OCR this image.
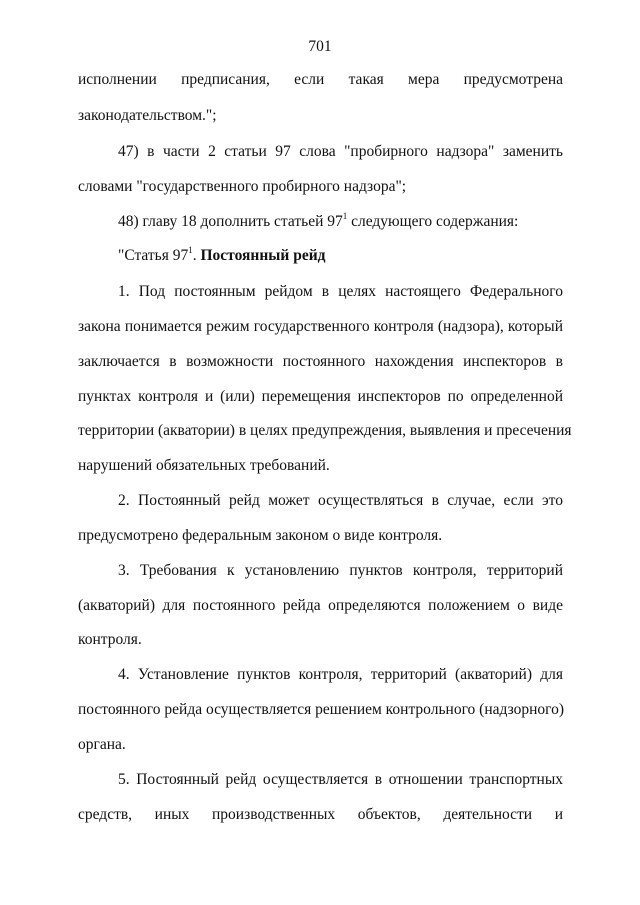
701
исполнении предписания, если такая мера предусмотрена
законодательством.";
47) в части 2 статьи 97 слова "пробирного надзора" заменить
словами "государственного пробирного надзора";
48) главу 18 дополнить статьей $97^1$ следующего содержания:
"Статья $97^1$. Постоянный рейд
1. Под постоянным рейдом в целях настоящего Федерального
закона понимается режим государственного контроля (надзора), который
заключается в возможности постоянного нахождения инспекторов в
пунктах контроля и (или) перемещения инспекторов по определенной
территории (акватории) в целях предупреждения, выявления и пресечения
нарушений обязательных требований.
2. Постоянный рейд может осуществляться в случае, если это
предусмотрено федеральным законом о виде контроля.
3. Требования к установлению пунктов контроля, территорий
(акваторий) для постоянного рейда определяются положением о виде
контроля.
4. Установление пунктов контроля, территорий (акваторий) для
постоянного рейда осуществляется решением контрольного (надзорного)
органа.
5. Постоянный рейд осуществляется в отношении транспортных
средств, иных производственных объектов, деятельности и
